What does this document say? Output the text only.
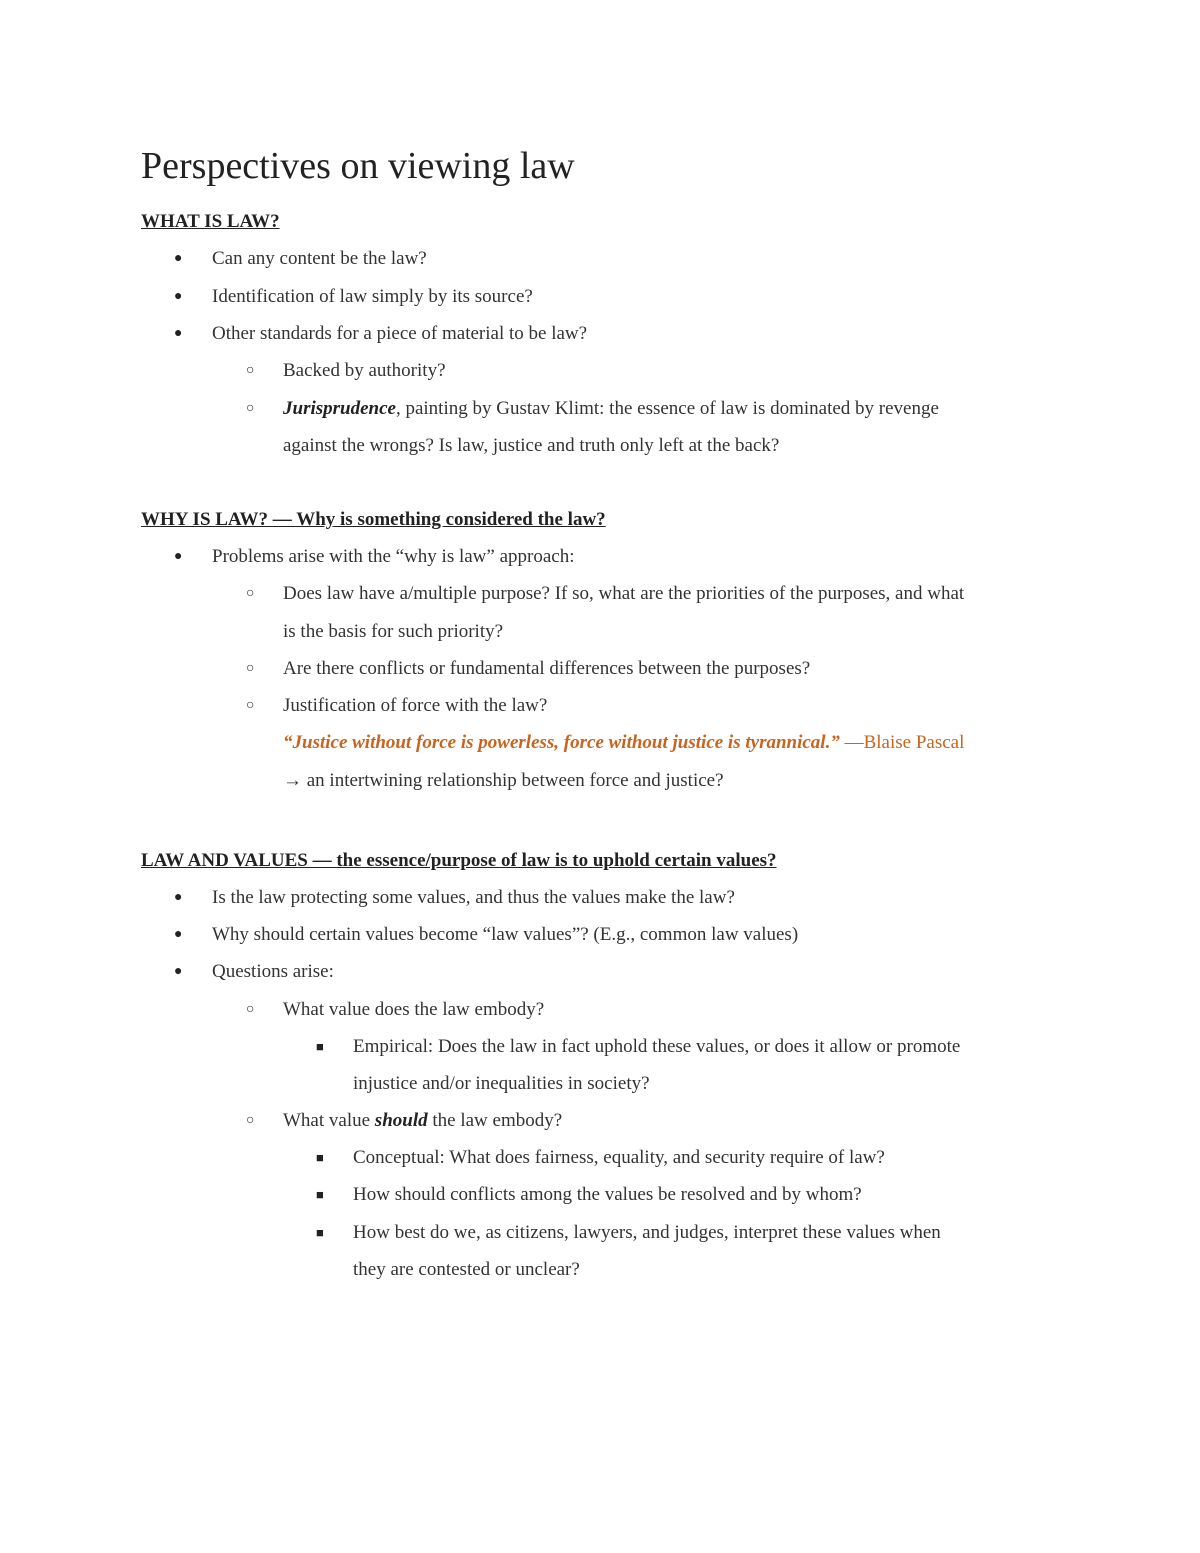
Perspectives on viewing law
WHAT IS LAW?
● Can any content be the law?
● Identification of law simply by its source?
● Other standards for a piece of material to be law?
○ Backed by authority?
○ Jurisprudence, painting by Gustav Klimt: the essence of law is dominated by revenge
against the wrongs? Is law, justice and truth only left at the back?
WHY IS LAW? — Why is something considered the law?
● Problems arise with the “why is law” approach:
○ Does law have a/multiple purpose? If so, what are the priorities of the purposes, and what
is the basis for such priority?
○ Are there conflicts or fundamental differences between the purposes?
○ Justification of force with the law?
“Justice without force is powerless, force without justice is tyrannical.” —Blaise Pascal
→ an intertwining relationship between force and justice?
LAW AND VALUES — the essence/purpose of law is to uphold certain values?
● Is the law protecting some values, and thus the values make the law?
● Why should certain values become “law values”? (E.g., common law values)
● Questions arise:
○ What value does the law embody?
■ Empirical: Does the law in fact uphold these values, or does it allow or promote
injustice and/or inequalities in society?
○ What value should the law embody?
■ Conceptual: What does fairness, equality, and security require of law?
■ How should conflicts among the values be resolved and by whom?
■ How best do we, as citizens, lawyers, and judges, interpret these values when
they are contested or unclear?
